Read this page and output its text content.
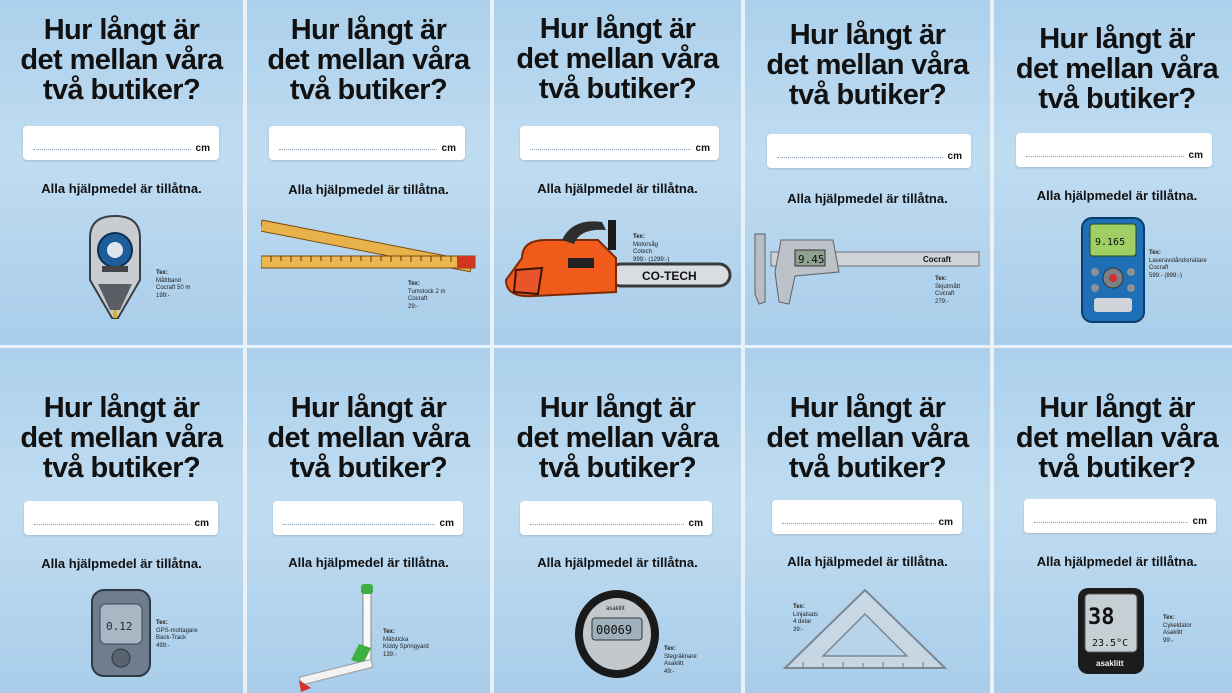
Hur långt är
det mellan våra
två butiker?
cm
Alla hjälpmedel är tillåtna.
Tex:
Måttband
Cocraft 50 m
199:-
Hur långt är
det mellan våra
två butiker?
cm
Alla hjälpmedel är tillåtna.
Tex:
Tumstock 2 m
Cocraft
29:-
Hur långt är
det mellan våra
två butiker?
cm
Alla hjälpmedel är tillåtna.
CO-TECH
Tex:
Motorsåg
Cotech
999:- (1299:-)
Hur långt är
det mellan våra
två butiker?
cm
Alla hjälpmedel är tillåtna.
Cocraft
9.45
Tex:
Skjutmått
Cocraft
279:-
Hur långt är
det mellan våra
två butiker?
cm
Alla hjälpmedel är tillåtna.
9.165
Tex:
Laseravståndsmätare
Cocraft
599:- (899:-)
Hur långt är
det mellan våra
två butiker?
cm
Alla hjälpmedel är tillåtna.
0.12	Tex:
GPS-mottagare
Back-Track
499:-
Hur långt är
det mellan våra
två butiker?
cm
Alla hjälpmedel är tillåtna.
Tex:
Mätsticka
Kiddy Springyard
139:-
Hur långt är
det mellan våra
två butiker?
cm
Alla hjälpmedel är tillåtna.
asaklitt
00069
Tex:
Stegräknare
Asaklitt
49:-
Hur långt är
det mellan våra
två butiker?
cm
Alla hjälpmedel är tillåtna.
Tex:
Linjalsats
4 delar
39:-
Hur långt är
det mellan våra
två butiker?
cm
Alla hjälpmedel är tillåtna.
38
23.5°C
asaklitt
Tex:
Cykeldator
Asaklitt
99:-
